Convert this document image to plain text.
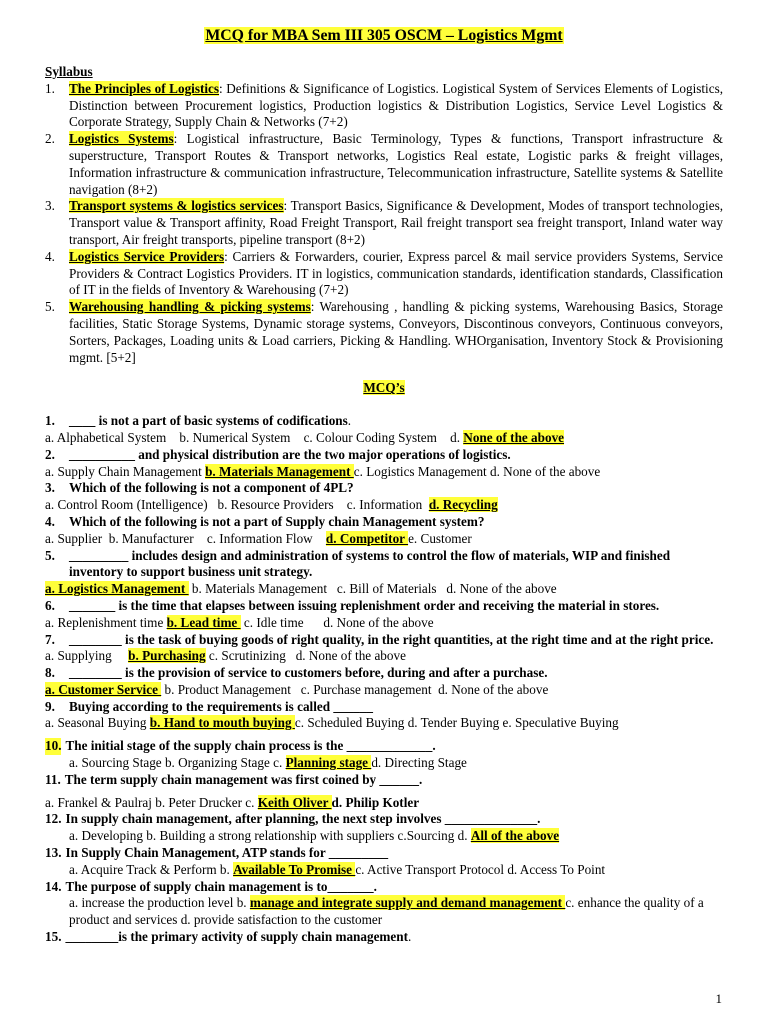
MCQ for MBA Sem III 305 OSCM – Logistics Mgmt
Syllabus
1.	The Principles of Logistics: Definitions & Significance of Logistics. Logistical System of Services Elements of Logistics, Distinction between Procurement logistics, Production logistics & Distribution Logistics, Service Level Logistics & Corporate Strategy, Supply Chain & Networks (7+2)
2.	Logistics Systems: Logistical infrastructure, Basic Terminology, Types & functions, Transport infrastructure & superstructure, Transport Routes & Transport networks, Logistics Real estate, Logistic parks & freight villages, Information infrastructure & communication infrastructure, Telecommunication infrastructure, Satellite systems & Satellite navigation (8+2)
3.	Transport systems & logistics services: Transport Basics, Significance & Development, Modes of transport technologies, Transport value & Transport affinity, Road Freight Transport, Rail freight transport sea freight transport, Inland water way transport, Air freight transports, pipeline transport (8+2)
4.	Logistics Service Providers: Carriers & Forwarders, courier, Express parcel & mail service providers Systems, Service Providers & Contract Logistics Providers. IT in logistics, communication standards, identification standards, Classification of IT in the fields of Inventory & Warehousing (7+2)
5.	Warehousing handling & picking systems: Warehousing , handling & picking systems, Warehousing Basics, Storage facilities, Static Storage Systems, Dynamic storage systems, Conveyors, Discontinous conveyors, Continuous conveyors, Sorters, Packages, Loading units & Load carriers, Picking & Handling. WHOrganisation, Inventory Stock & Provisioning mgmt. [5+2]
MCQ’s
1.	____ is not a part of basic systems of codifications.
a. Alphabetical System    b. Numerical System    c. Colour Coding System    d. None of the above
2.	__________ and physical distribution are the two major operations of logistics.
a. Supply Chain Management b. Materials Management c. Logistics Management d. None of the above
3.	Which of the following is not a component of 4PL?
a. Control Room (Intelligence)   b. Resource Providers    c. Information  d. Recycling
4.	Which of the following is not a part of Supply chain Management system?
a. Supplier  b. Manufacturer    c. Information Flow    d. Competitor e. Customer
5.	_________ includes design and administration of systems to control the flow of materials, WIP and finished inventory to support business unit strategy.
a. Logistics Management  b. Materials Management   c. Bill of Materials   d. None of the above
6.	_______ is the time that elapses between issuing replenishment order and receiving the material in stores.
a. Replenishment time b. Lead time  c. Idle time      d. None of the above
7.	________ is the task of buying goods of right quality, in the right quantities, at the right time and at the right price.
a. Supplying     b. Purchasing c. Scrutinizing   d. None of the above
8.	________ is the provision of service to customers before, during and after a purchase.
a. Customer Service  b. Product Management   c. Purchase management  d. None of the above
9.	Buying according to the requirements is called ______
a. Seasonal Buying b. Hand to mouth buying c. Scheduled Buying d. Tender Buying e. Speculative Buying
10. The initial stage of the supply chain process is the _____________.
a. Sourcing Stage b. Organizing Stage c. Planning stage d. Directing Stage
11. The term supply chain management was first coined by ______.
a. Frankel & Paulraj b. Peter Drucker c. Keith Oliver d. Philip Kotler
12. In supply chain management, after planning, the next step involves ______________.
a. Developing b. Building a strong relationship with suppliers c.Sourcing d. All of the above
13. In Supply Chain Management, ATP stands for _________
a. Acquire Track & Perform b. Available To Promise c. Active Transport Protocol d. Access To Point
14. The purpose of supply chain management is to_______.
a. increase the production level b. manage and integrate supply and demand management c. enhance the quality of a product and services d. provide satisfaction to the customer
15. ________is the primary activity of supply chain management.
1
